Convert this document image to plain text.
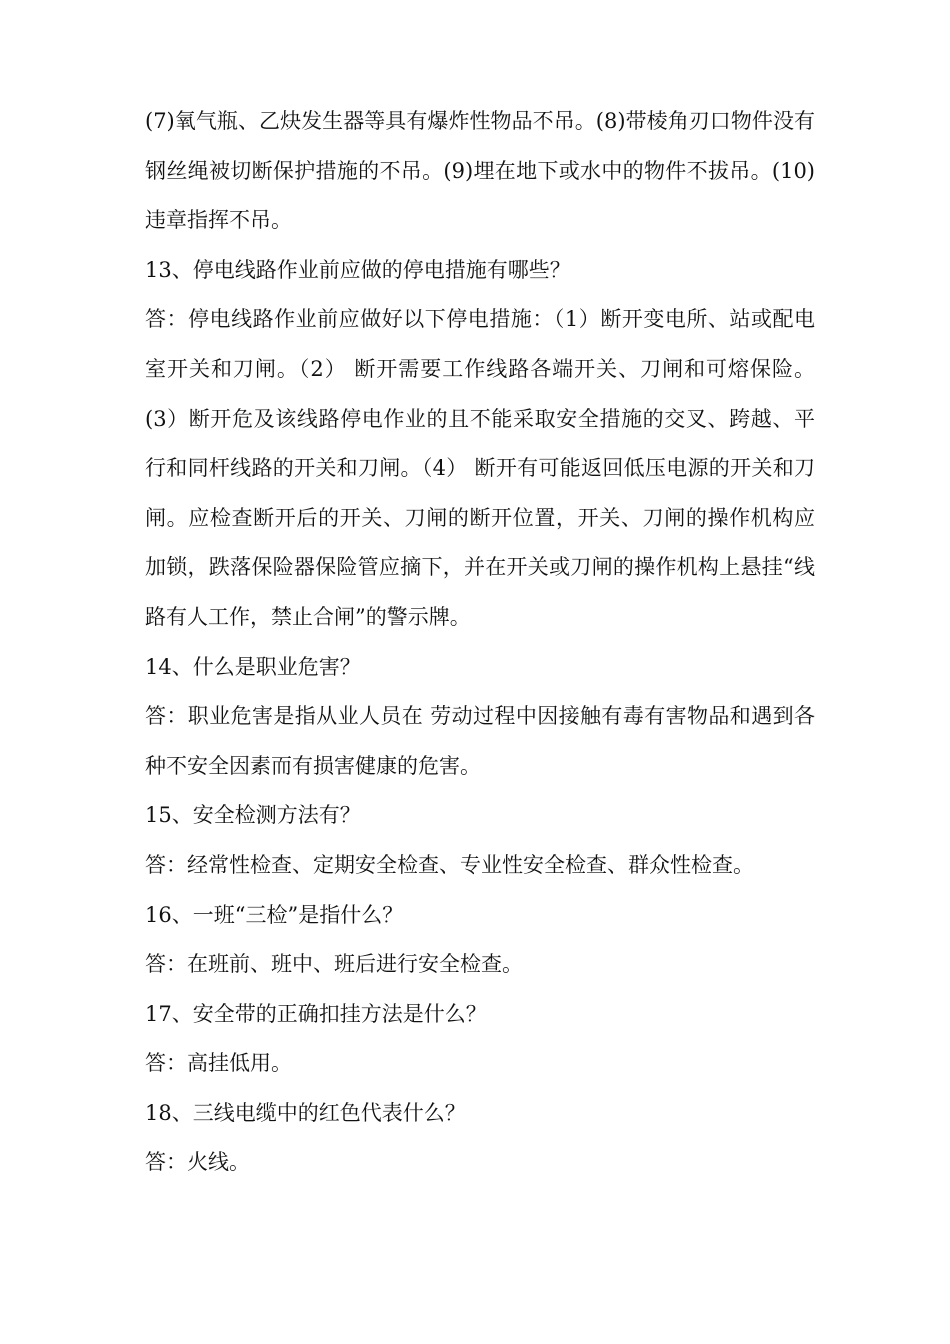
(7)氧气瓶、乙炔发生器等具有爆炸性物品不吊。(8)带棱角刃口物件没有钢丝绳被切断保护措施的不吊。(9)埋在地下或水中的物件不拔吊。(10)违章指挥不吊。

13、停电线路作业前应做的停电措施有哪些？

答：停电线路作业前应做好以下停电措施：（1）断开变电所、站或配电室开关和刀闸。（2） 断开需要工作线路各端开关、刀闸和可熔保险。(3）断开危及该线路停电作业的且不能采取安全措施的交叉、跨越、平行和同杆线路的开关和刀闸。（4） 断开有可能返回低压电源的开关和刀闸。应检查断开后的开关、刀闸的断开位置，开关、刀闸的操作机构应加锁，跌落保险器保险管应摘下，并在开关或刀闸的操作机构上悬挂“线路有人工作，禁止合闸”的警示牌。

14、什么是职业危害？

答：职业危害是指从业人员在 劳动过程中因接触有毒有害物品和遇到各种不安全因素而有损害健康的危害。

15、安全检测方法有？

答：经常性检查、定期安全检查、专业性安全检查、群众性检查。

16、一班“三检”是指什么？

答：在班前、班中、班后进行安全检查。

17、安全带的正确扣挂方法是什么？

答：高挂低用。

18、三线电缆中的红色代表什么？

答：火线。
